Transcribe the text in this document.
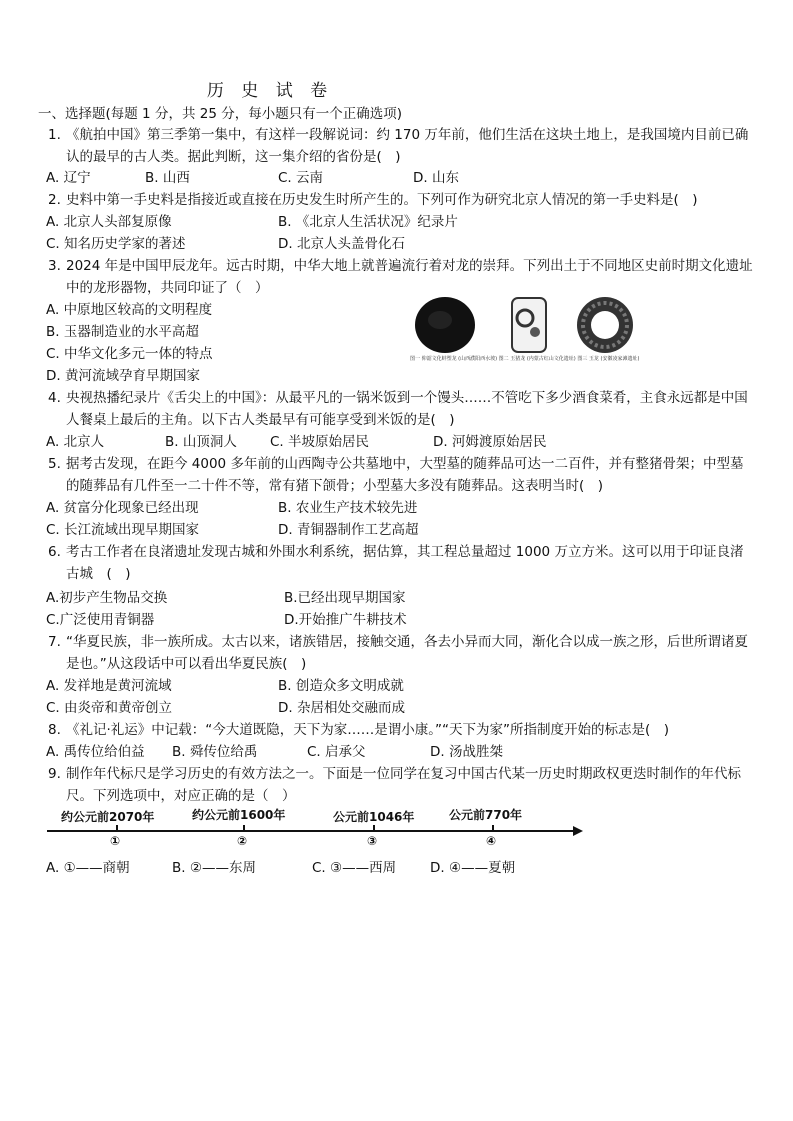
历 史 试 卷
一、选择题(每题 1 分，共 25 分，每小题只有一个正确选项)
1. 《航拍中国》第三季第一集中，有这样一段解说词：约 170 万年前，他们生活在这块土地上，是我国境内目前已确认的最早的古人类。据此判断，这一集介绍的省份是(　)
A. 辽宁	B. 山西	C. 云南	D. 山东
2. 史料中第一手史料是指接近或直接在历史发生时所产生的。下列可作为研究北京人情况的第一手史料是(　)
A. 北京人头部复原像	B. 《北京人生活状况》纪录片
C. 知名历史学家的著述	D. 北京人头盖骨化石
3. 2024 年是中国甲辰龙年。远古时期，中华大地上就普遍流行着对龙的崇拜。下列出土于不同地区史前时期文化遗址中的龙形器物，共同印证了（　）
A. 中原地区较高的文明程度
B. 玉器制造业的水平高超
C. 中华文化多元一体的特点
D. 黄河流域孕育早期国家
图一 仰韶文化蚌塑龙 (山西濮阳西水坡) 图二 玉猪龙 (内蒙古红山文化遗址) 图三 玉龙 (安徽凌家滩遗址)
4. 央视热播纪录片《舌尖上的中国》：从最平凡的一锅米饭到一个馒头……不管吃下多少酒食菜肴，主食永远都是中国人餐桌上最后的主角。以下古人类最早有可能享受到米饭的是(　)
A. 北京人	B. 山顶洞人 C. 半坡原始居民	D. 河姆渡原始居民
5. 据考古发现，在距今 4000 多年前的山西陶寺公共墓地中，大型墓的随葬品可达一二百件，并有整猪骨架；中型墓的随葬品有几件至一二十件不等，常有猪下颌骨；小型墓大多没有随葬品。这表明当时(　)
A. 贫富分化现象已经出现	B. 农业生产技术较先进
C. 长江流域出现早期国家	D. 青铜器制作工艺高超
6. 考古工作者在良渚遗址发现古城和外围水利系统，据估算，其工程总量超过 1000 万立方米。这可以用于印证良渚古城　(　)
A.初步产生物品交换	B.已经出现早期国家
C.广泛使用青铜器	D.开始推广牛耕技术
7. “华夏民族，非一族所成。太古以来，诸族错居，接触交通，各去小异而大同，渐化合以成一族之形，后世所谓诸夏是也。”从这段话中可以看出华夏民族(　)
A. 发祥地是黄河流域	B. 创造众多文明成就
C. 由炎帝和黄帝创立	D. 杂居相处交融而成
8. 《礼记·礼运》中记载：“今大道既隐，天下为家……是谓小康。”“天下为家”所指制度开始的标志是(　)
A. 禹传位给伯益 B. 舜传位给禹	C. 启承父	D. 汤战胜桀
9. 制作年代标尺是学习历史的有效方法之一。下面是一位同学在复习中国古代某一历史时期政权更迭时制作的年代标尺。下列选项中，对应正确的是（　）
约公元前2070年	约公元前1600年	公元前1046年	公元前770年
①	②	③	④
A. ①——商朝	B. ②——东周	C. ③——西周	D. ④——夏朝
